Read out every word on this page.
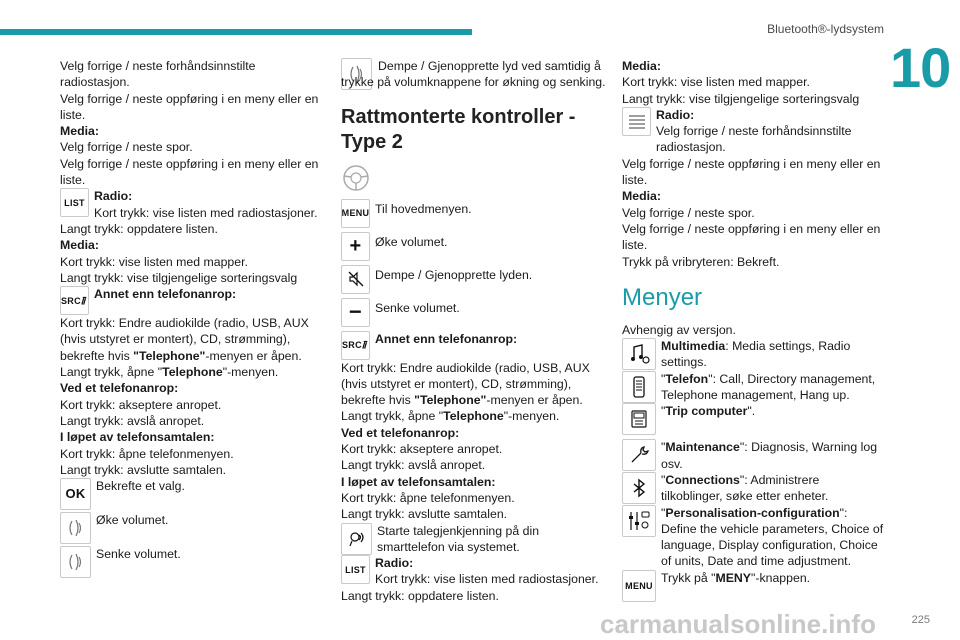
Bluetooth®-lydsystem
10

Velg forrige / neste forhåndsinnstilte radiostasjon.

Velg forrige / neste oppføring i en meny eller en liste.

Media:

Velg forrige / neste spor.

Velg forrige / neste oppføring i en meny eller en liste.

LIST Radio:

Kort trykk: vise listen med radiostasjoner.

Langt trykk: oppdatere listen.

Media:

Kort trykk: vise listen med mapper.

Langt trykk: vise tilgjengelige sorteringsvalg

SRC Annet enn telefonanrop:

Kort trykk: Endre audiokilde (radio, USB, AUX (hvis utstyret er montert), CD, strømming), bekrefte hvis "Telephone"-menyen er åpen.

Langt trykk, åpne "Telephone"-menyen.

Ved et telefonanrop:

Kort trykk: akseptere anropet.

Langt trykk: avslå anropet.

I løpet av telefonsamtalen:

Kort trykk: åpne telefonmenyen.

Langt trykk: avslutte samtalen.

OK Bekrefte et valg.

Øke volumet.

Senke volumet.

Dempe / Gjenopprette lyd ved samtidig å trykke på volumknappene for økning og senking.

Rattmonterte kontroller - Type 2
MENU Til hovedmenyen.

+ Øke volumet.

Dempe / Gjenopprette lyden.

− Senke volumet.

SRC Annet enn telefonanrop:

Kort trykk: Endre audiokilde (radio, USB, AUX (hvis utstyret er montert), CD, strømming), bekrefte hvis "Telephone"-menyen er åpen.

Langt trykk, åpne "Telephone"-menyen.

Ved et telefonanrop:

Kort trykk: akseptere anropet.

Langt trykk: avslå anropet.

I løpet av telefonsamtalen:

Kort trykk: åpne telefonmenyen.

Langt trykk: avslutte samtalen.

Starte talegjenkjenning på din smarttelefon via systemet.

LIST Radio:

Kort trykk: vise listen med radiostasjoner.

Langt trykk: oppdatere listen.

Media:

Kort trykk: vise listen med mapper.

Langt trykk: vise tilgjengelige sorteringsvalg

Radio:

Velg forrige / neste forhåndsinnstilte radiostasjon.

Velg forrige / neste oppføring i en meny eller en liste.

Media:

Velg forrige / neste spor.

Velg forrige / neste oppføring i en meny eller en liste.

Trykk på vribryteren: Bekreft.

Menyer

Avhengig av versjon.

Multimedia: Media settings, Radio settings.

"Telefon": Call, Directory management, Telephone management, Hang up.

"Trip computer".

"Maintenance": Diagnosis, Warning log osv.

"Connections": Administrere tilkoblinger, søke etter enheter.

"Personalisation-configuration": Define the vehicle parameters, Choice of language, Display configuration, Choice of units, Date and time adjustment.

MENU

Trykk på "MENY"-knappen.

225
carmanualsonline.info
